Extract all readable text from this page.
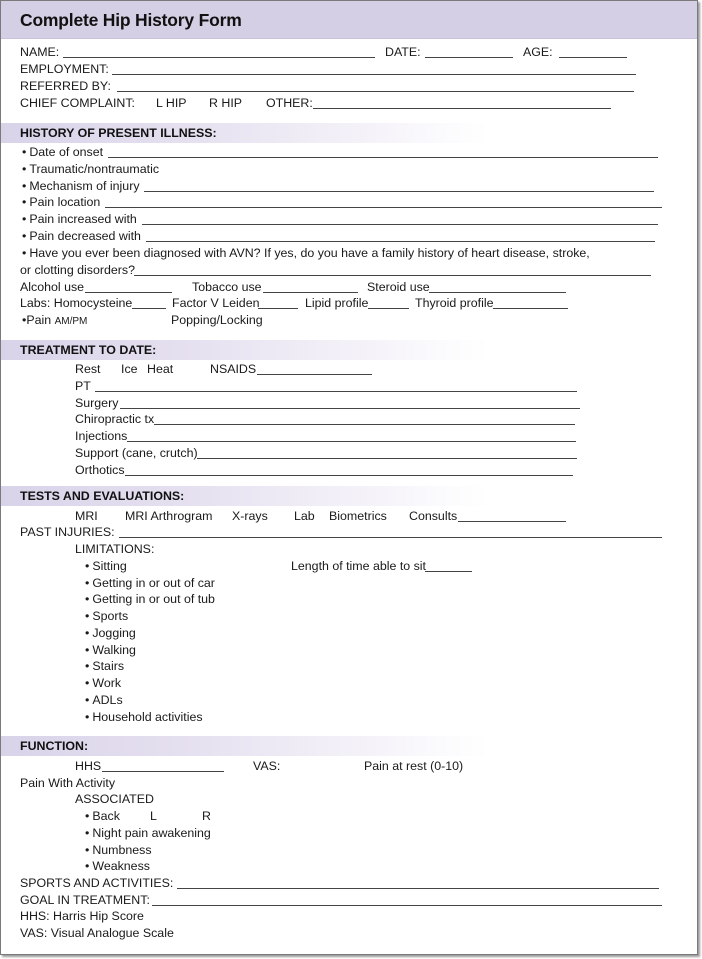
Complete Hip History Form
NAME:	DATE:	AGE:
EMPLOYMENT:
REFERRED BY:
CHIEF COMPLAINT: L HIP R HIP OTHER:
HISTORY OF PRESENT ILLNESS:
• Date of onset
• Traumatic/nontraumatic
• Mechanism of injury
• Pain location
• Pain increased with
• Pain decreased with
• Have you ever been diagnosed with AVN? If yes, do you have a family history of heart disease, stroke,
or clotting disorders?
Alcohol use	Tobacco use	Steroid use
Labs: Homocysteine	Factor V Leiden	Lipid profile	Thyroid profile
•Pain AM/PM	Popping/Locking
TREATMENT TO DATE:
Rest Ice Heat	NSAIDS
PT
Surgery
Chiropractic tx
Injections
Support (cane, crutch)
Orthotics
TESTS AND EVALUATIONS:
MRI MRI Arthrogram X-rays Lab Biometrics Consults
PAST INJURIES:
LIMITATIONS:
• Sitting	Length of time able to sit
• Getting in or out of car
• Getting in or out of tub
• Sports
• Jogging
• Walking
• Stairs
• Work
• ADLs
• Household activities
FUNCTION:
HHS	VAS:	Pain at rest (0-10)
Pain With Activity
ASSOCIATED
• Back L	R
• Night pain awakening
• Numbness
• Weakness
SPORTS AND ACTIVITIES:
GOAL IN TREATMENT:
HHS: Harris Hip Score
VAS: Visual Analogue Scale
